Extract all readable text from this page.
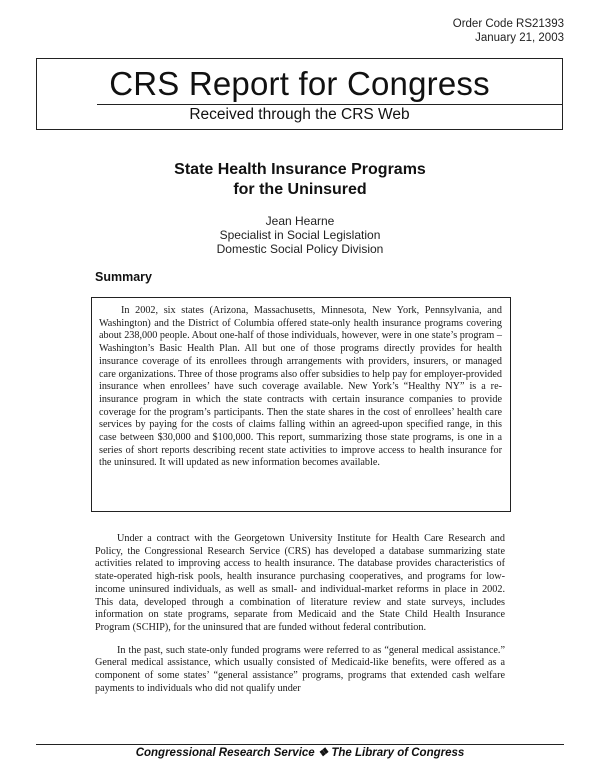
Order Code RS21393
January 21, 2003
CRS Report for Congress
Received through the CRS Web
State Health Insurance Programs
for the Uninsured
Jean Hearne
Specialist in Social Legislation
Domestic Social Policy Division
Summary

In 2002, six states (Arizona, Massachusetts, Minnesota, New York, Pennsylvania, and Washington) and the District of Columbia offered state-only health insurance programs covering about 238,000 people. About one-half of those individuals, however, were in one state’s program – Washington’s Basic Health Plan. All but one of those programs directly provides for health insurance coverage of its enrollees through arrangements with providers, insurers, or managed care organizations. Three of those programs also offer subsidies to help pay for employer-provided insurance when enrollees’ have such coverage available. New York’s “Healthy NY” is a re-insurance program in which the state contracts with certain insurance companies to provide coverage for the program’s participants. Then the state shares in the cost of enrollees’ health care services by paying for the costs of claims falling within an agreed-upon specified range, in this case between $30,000 and $100,000. This report, summarizing those state programs, is one in a series of short reports describing recent state activities to improve access to health insurance for the uninsured. It will updated as new information becomes available.

Under a contract with the Georgetown University Institute for Health Care Research and Policy, the Congressional Research Service (CRS) has developed a database summarizing state activities related to improving access to health insurance. The database provides characteristics of state-operated high-risk pools, health insurance purchasing cooperatives, and programs for low-income uninsured individuals, as well as small- and individual-market reforms in place in 2002. This data, developed through a combination of literature review and state surveys, includes information on state programs, separate from Medicaid and the State Child Health Insurance Program (SCHIP), for the uninsured that are funded without federal contribution.

In the past, such state-only funded programs were referred to as “general medical assistance.” General medical assistance, which usually consisted of Medicaid-like benefits, were offered as a component of some states’ “general assistance” programs, programs that extended cash welfare payments to individuals who did not qualify under

Congressional Research Service ❖ The Library of Congress
